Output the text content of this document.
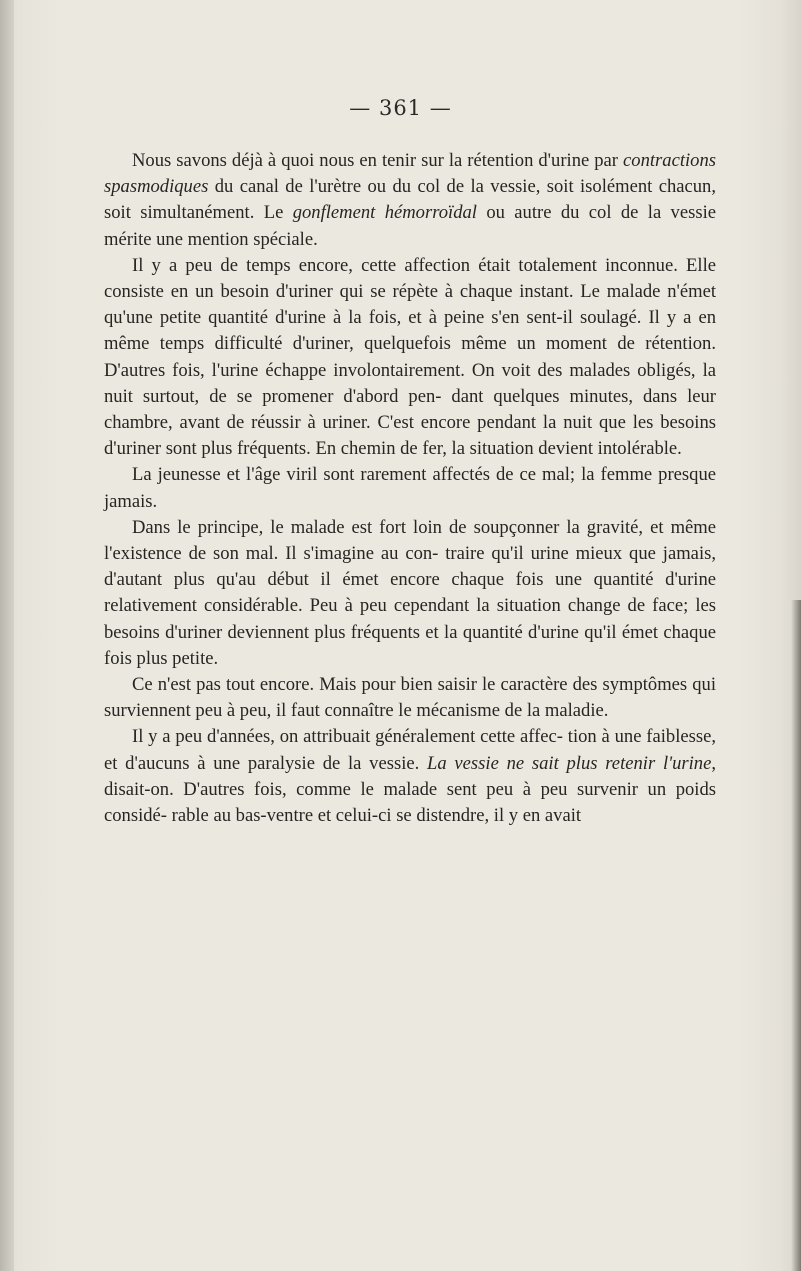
— 361 —

Nous savons déjà à quoi nous en tenir sur la rétention d'urine par contractions spasmodiques du canal de l'urètre ou du col de la vessie, soit isolément chacun, soit simultanément. Le gonflement hémorroïdal ou autre du col de la vessie mérite une mention spéciale.

Il y a peu de temps encore, cette affection était totalement inconnue. Elle consiste en un besoin d'uriner qui se répète à chaque instant. Le malade n'émet qu'une petite quantité d'urine à la fois, et à peine s'en sent-il soulagé. Il y a en même temps difficulté d'uriner, quelquefois même un moment de rétention. D'autres fois, l'urine échappe involontairement. On voit des malades obligés, la nuit surtout, de se promener d'abord pen- dant quelques minutes, dans leur chambre, avant de réussir à uriner. C'est encore pendant la nuit que les besoins d'uriner sont plus fréquents. En chemin de fer, la situation devient intolérable.

La jeunesse et l'âge viril sont rarement affectés de ce mal; la femme presque jamais.

Dans le principe, le malade est fort loin de soupçonner la gravité, et même l'existence de son mal. Il s'imagine au con- traire qu'il urine mieux que jamais, d'autant plus qu'au début il émet encore chaque fois une quantité d'urine relativement considérable. Peu à peu cependant la situation change de face; les besoins d'uriner deviennent plus fréquents et la quantité d'urine qu'il émet chaque fois plus petite.

Ce n'est pas tout encore. Mais pour bien saisir le caractère des symptômes qui surviennent peu à peu, il faut connaître le mécanisme de la maladie.

Il y a peu d'années, on attribuait généralement cette affec- tion à une faiblesse, et d'aucuns à une paralysie de la vessie. La vessie ne sait plus retenir l'urine, disait-on. D'autres fois, comme le malade sent peu à peu survenir un poids considé- rable au bas-ventre et celui-ci se distendre, il y en avait
